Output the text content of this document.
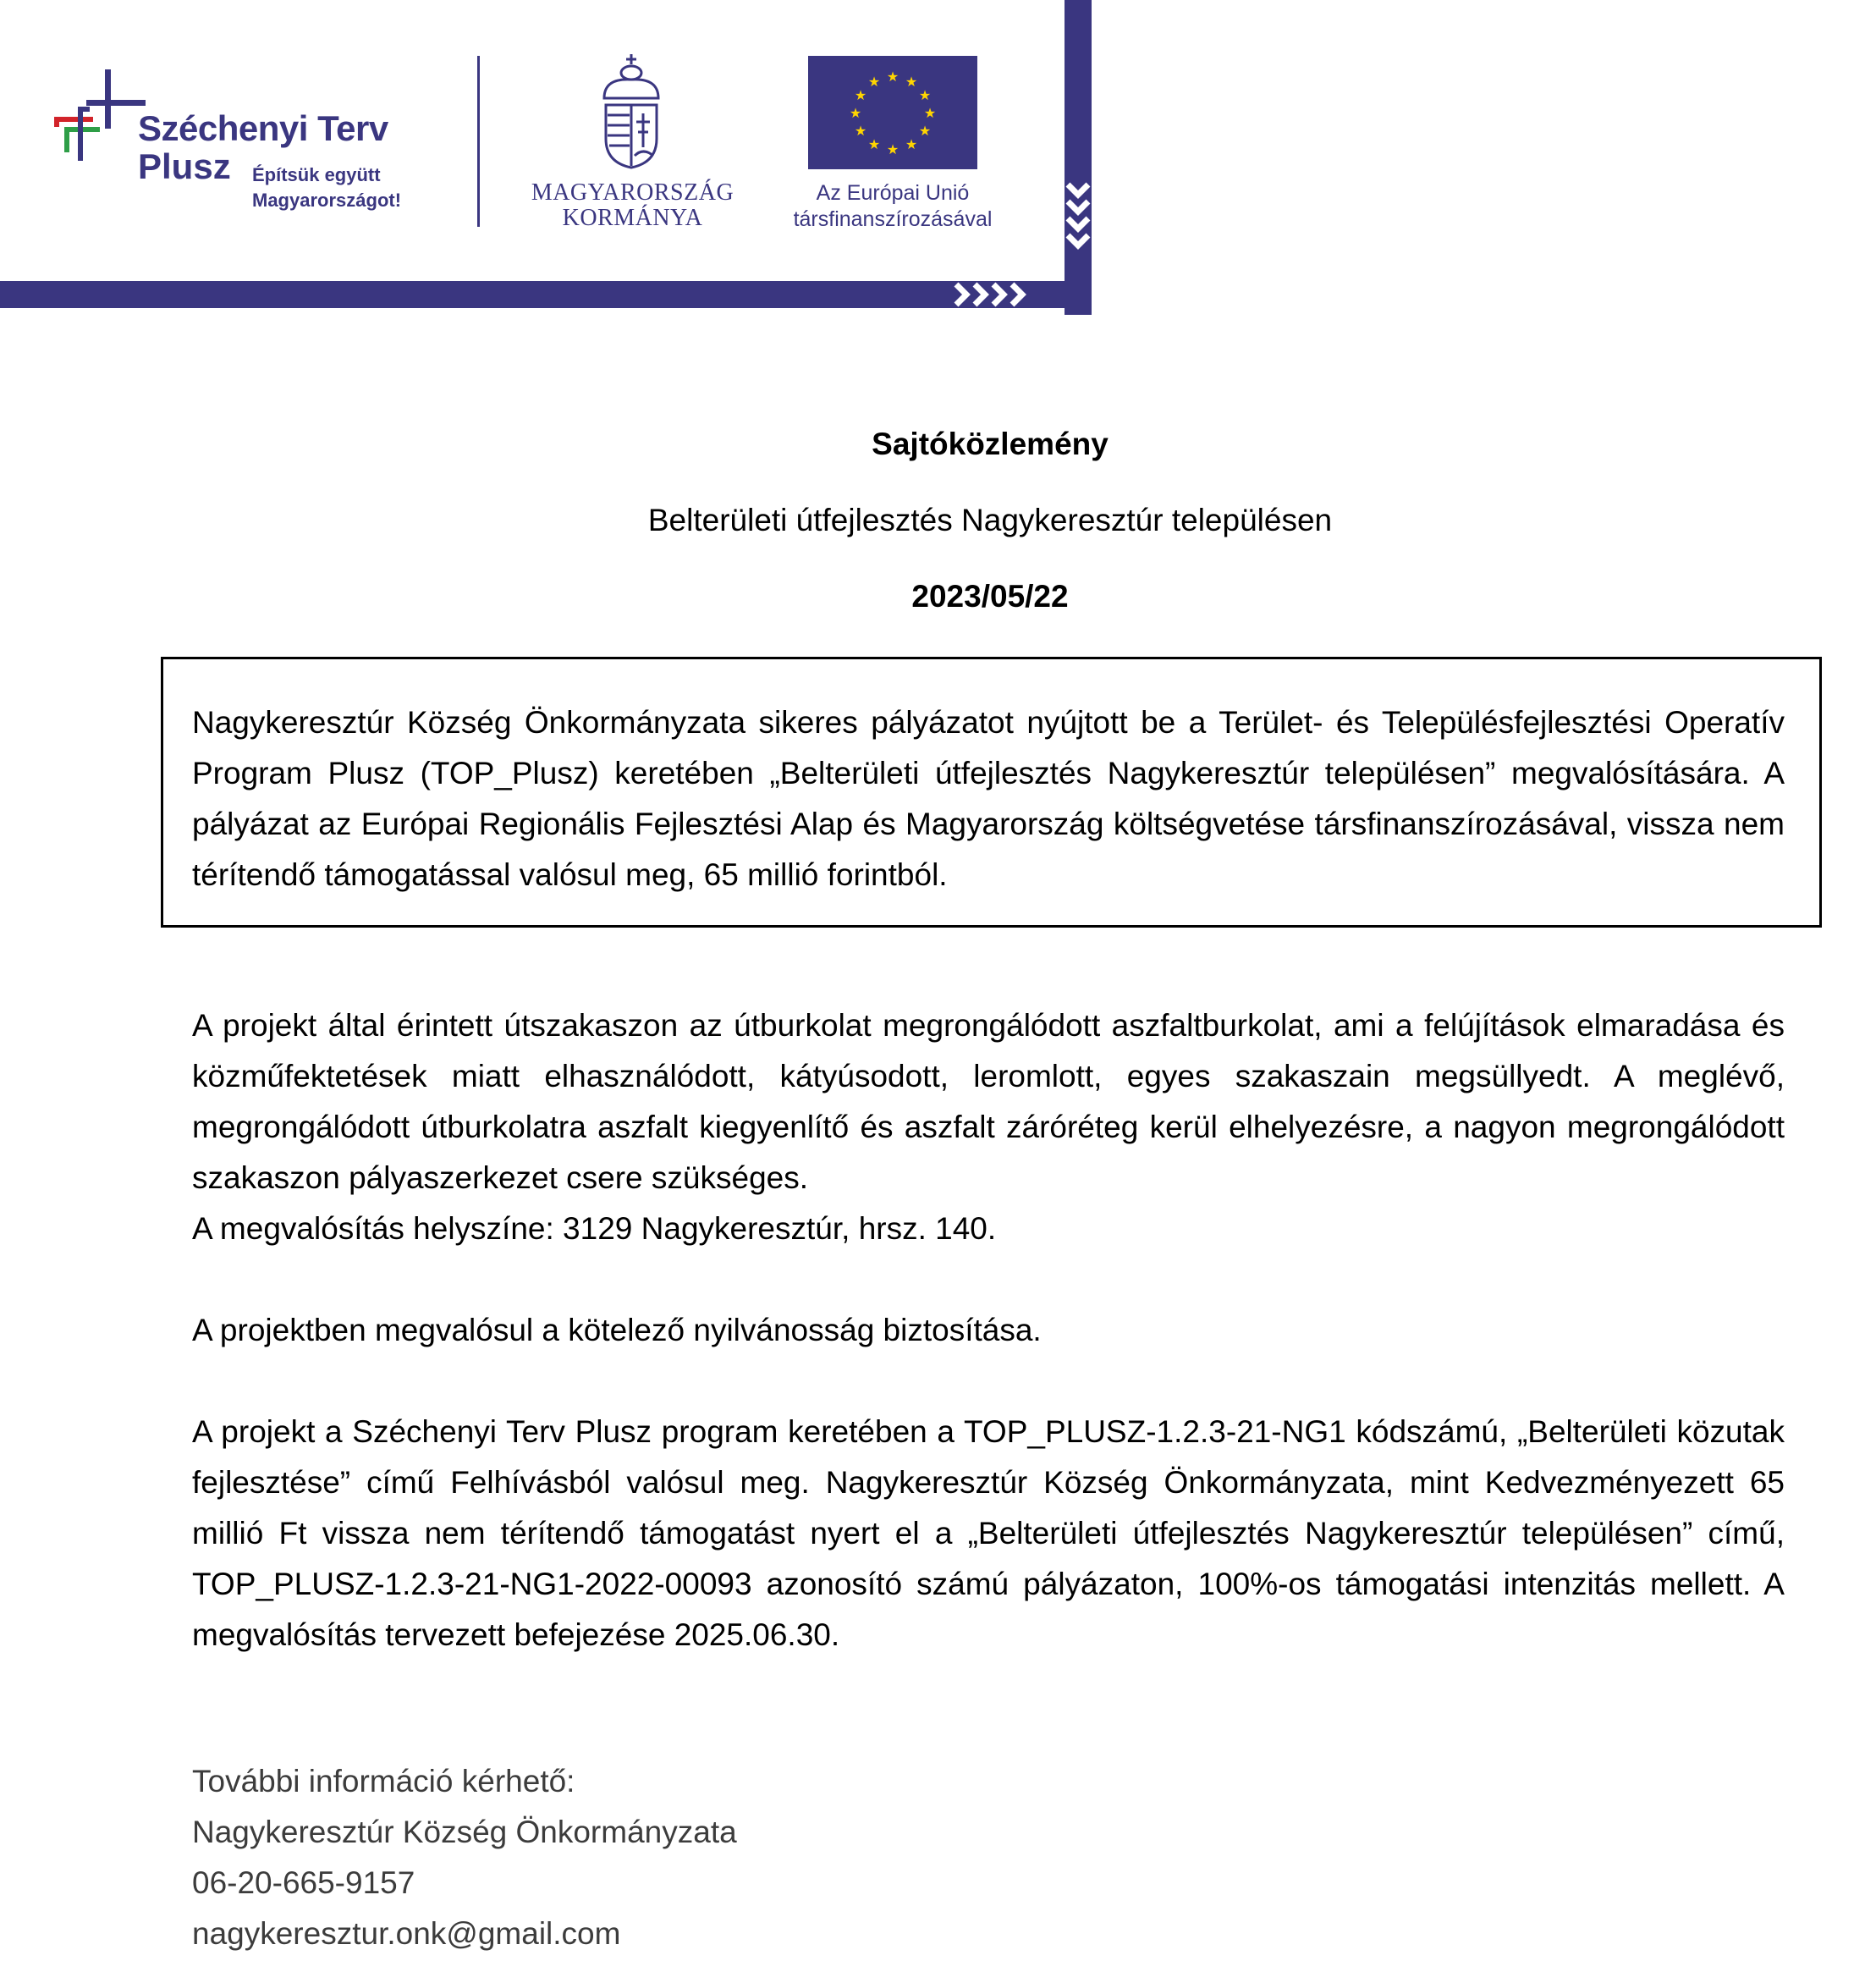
Széchenyi Terv
Plusz Építsük együtt
Magyarországot!	MAGYARORSZÁG
KORMÁNYA
★ ★
★
★
★
★
★
★
★
★
★
★
Az Európai Unió
társfinanszírozásával
Sajtóközlemény
Belterületi útfejlesztés Nagykeresztúr településen
2023/05/22

Nagykeresztúr Község Önkormányzata sikeres pályázatot nyújtott be a Terület- és Településfejlesztési Operatív Program Plusz (TOP_Plusz) keretében „Belterületi útfejlesztés Nagykeresztúr településen” megvalósítására. A pályázat az Európai Regionális Fejlesztési Alap és Magyarország költségvetése társfinanszírozásával, vissza nem térítendő támogatással valósul meg, 65 millió forintból.

A projekt által érintett útszakaszon az útburkolat megrongálódott aszfaltburkolat, ami a felújítások elmaradása és közműfektetések miatt elhasználódott, kátyúsodott, leromlott, egyes szakaszain megsüllyedt. A meglévő, megrongálódott útburkolatra aszfalt kiegyenlítő és aszfalt záróréteg kerül elhelyezésre, a nagyon megrongálódott szakaszon pályaszerkezet csere szükséges.

A megvalósítás helyszíne: 3129 Nagykeresztúr, hrsz. 140.

A projektben megvalósul a kötelező nyilvánosság biztosítása.

A projekt a Széchenyi Terv Plusz program keretében a TOP_PLUSZ-1.2.3-21-NG1 kódszámú, „Belterületi közutak fejlesztése” című Felhívásból valósul meg. Nagykeresztúr Község Önkormányzata, mint Kedvezményezett 65 millió Ft vissza nem térítendő támogatást nyert el a „Belterületi útfejlesztés Nagykeresztúr településen” című, TOP_PLUSZ-1.2.3-21-NG1-2022-00093 azonosító számú pályázaton, 100%-os támogatási intenzitás mellett. A megvalósítás tervezett befejezése 2025.06.30.

További információ kérhető:
Nagykeresztúr Község Önkormányzata
06-20-665-9157
nagykeresztur.onk@gmail.com
